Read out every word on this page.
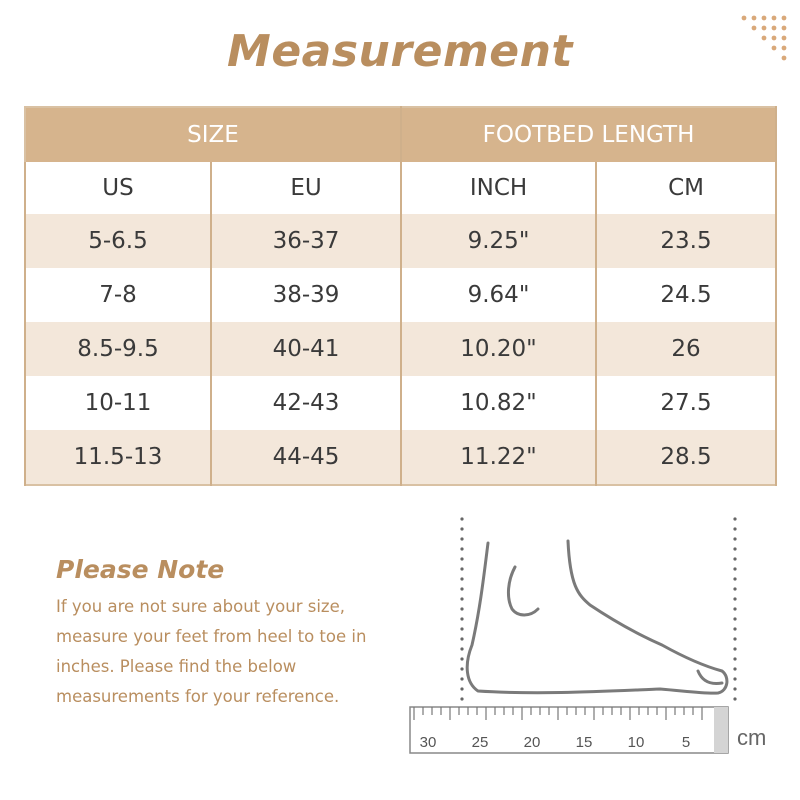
Measurement
SIZE		FOOTBED LENGTH	
US	EU	INCH	CM
5-6.5	36-37	9.25"	23.5
7-8	38-39	9.64"	24.5
8.5-9.5	40-41	10.20"	26
10-11	42-43	10.82"	27.5
11.5-13	44-45	11.22"	28.5
Please Note
If you are not sure about your size, measure your feet from heel to toe in inches. Please find the below measurements for your reference.
30 25 20 15 10 5 cm
